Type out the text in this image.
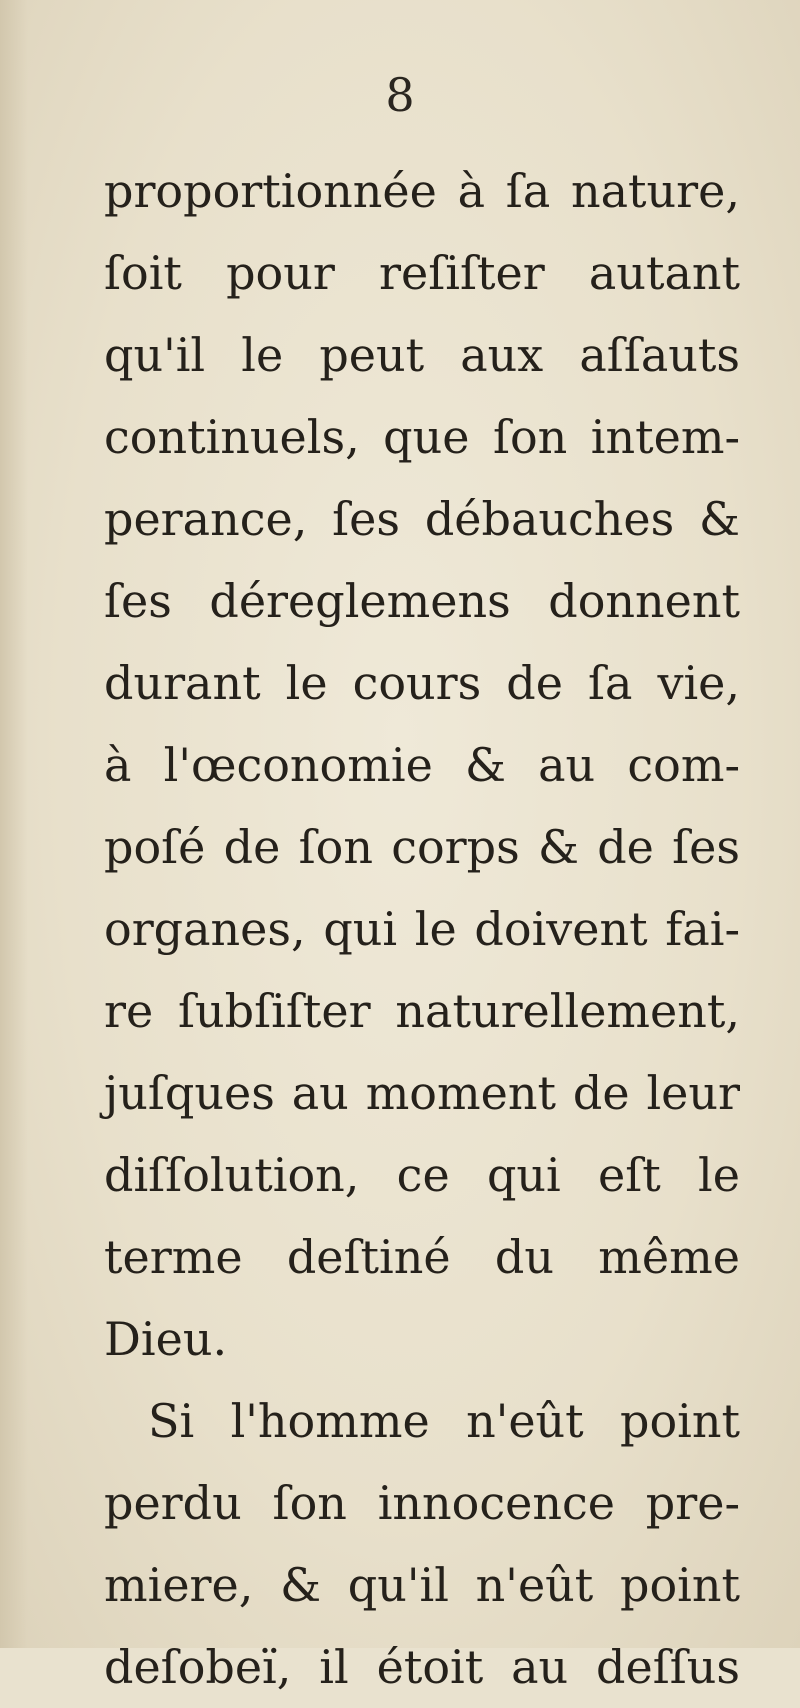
8
proportionnée à ſa nature,
ſoit pour reſiſter autant
qu'il le peut aux aſſauts
continuels, que ſon intem-
perance, ſes débauches &
ſes déreglemens donnent
durant le cours de ſa vie,
à l'œconomie & au com-
poſé de ſon corps & de ſes
organes, qui le doivent fai-
re ſubſiſter naturellement,
juſques au moment de leur
diſſolution, ce qui eſt le
terme deſtiné du même
Dieu.
Si l'homme n'eût point
perdu ſon innocence pre-
miere, & qu'il n'eût point
deſobeï, il étoit au deſſus
